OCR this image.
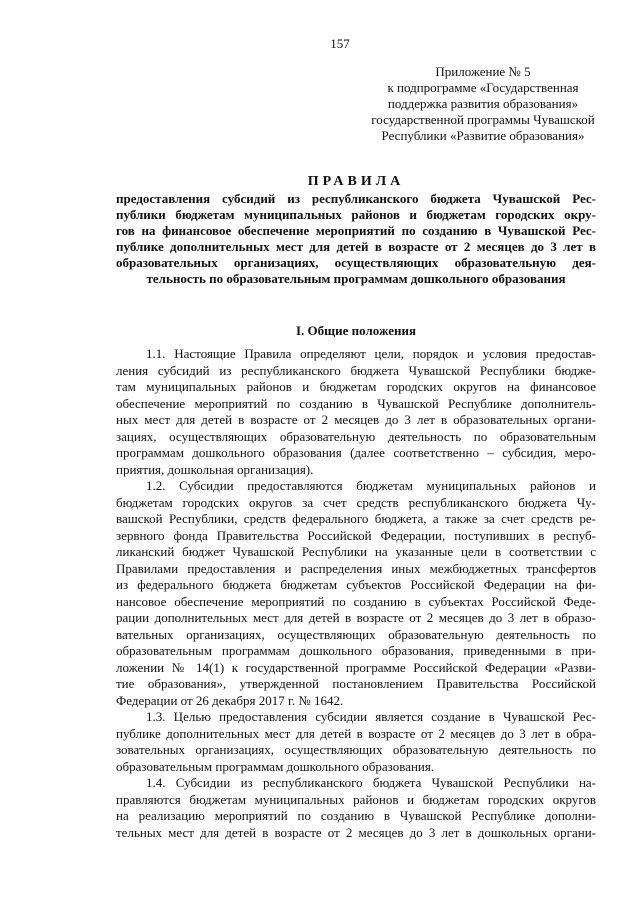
157
Приложение № 5
к подпрограмме «Государственная
поддержка развития образования»
государственной программы Чувашской
Республики «Развитие образования»
ПРАВИЛА
предоставления субсидий из республиканского бюджета Чувашской Рес-
публики бюджетам муниципальных районов и бюджетам городских окру-
гов на финансовое обеспечение мероприятий по созданию в Чувашской Рес-
публике дополнительных мест для детей в возрасте от 2 месяцев до 3 лет в
образовательных организациях, осуществляющих образовательную дея-
тельность по образовательным программам дошкольного образования
I. Общие положения
1.1. Настоящие Правила определяют цели, порядок и условия предостав-
ления субсидий из республиканского бюджета Чувашской Республики бюдже-
там муниципальных районов и бюджетам городских округов на финансовое
обеспечение мероприятий по созданию в Чувашской Республике дополнитель-
ных мест для детей в возрасте от 2 месяцев до 3 лет в образовательных органи-
зациях, осуществляющих образовательную деятельность по образовательным
программам дошкольного образования (далее соответственно – субсидия, меро-
приятия, дошкольная организация).
1.2. Субсидии предоставляются бюджетам муниципальных районов и
бюджетам городских округов за счет средств республиканского бюджета Чу-
вашской Республики, средств федерального бюджета, а также за счет средств ре-
зервного фонда Правительства Российской Федерации, поступивших в респуб-
ликанский бюджет Чувашской Республики на указанные цели в соответствии с
Правилами предоставления и распределения иных межбюджетных трансфертов
из федерального бюджета бюджетам субъектов Российской Федерации на фи-
нансовое обеспечение мероприятий по созданию в субъектах Российской Феде-
рации дополнительных мест для детей в возрасте от 2 месяцев до 3 лет в образо-
вательных организациях, осуществляющих образовательную деятельность по
образовательным программам дошкольного образования, приведенными в при-
ложении № 14(1) к государственной программе Российской Федерации «Разви-
тие образования», утвержденной постановлением Правительства Российской
Федерации от 26 декабря 2017 г. № 1642.
1.3. Целью предоставления субсидии является создание в Чувашской Рес-
публике дополнительных мест для детей в возрасте от 2 месяцев до 3 лет в обра-
зовательных организациях, осуществляющих образовательную деятельность по
образовательным программам дошкольного образования.
1.4. Субсидии из республиканского бюджета Чувашской Республики на-
правляются бюджетам муниципальных районов и бюджетам городских округов
на реализацию мероприятий по созданию в Чувашской Республике дополни-
тельных мест для детей в возрасте от 2 месяцев до 3 лет в дошкольных органи-
